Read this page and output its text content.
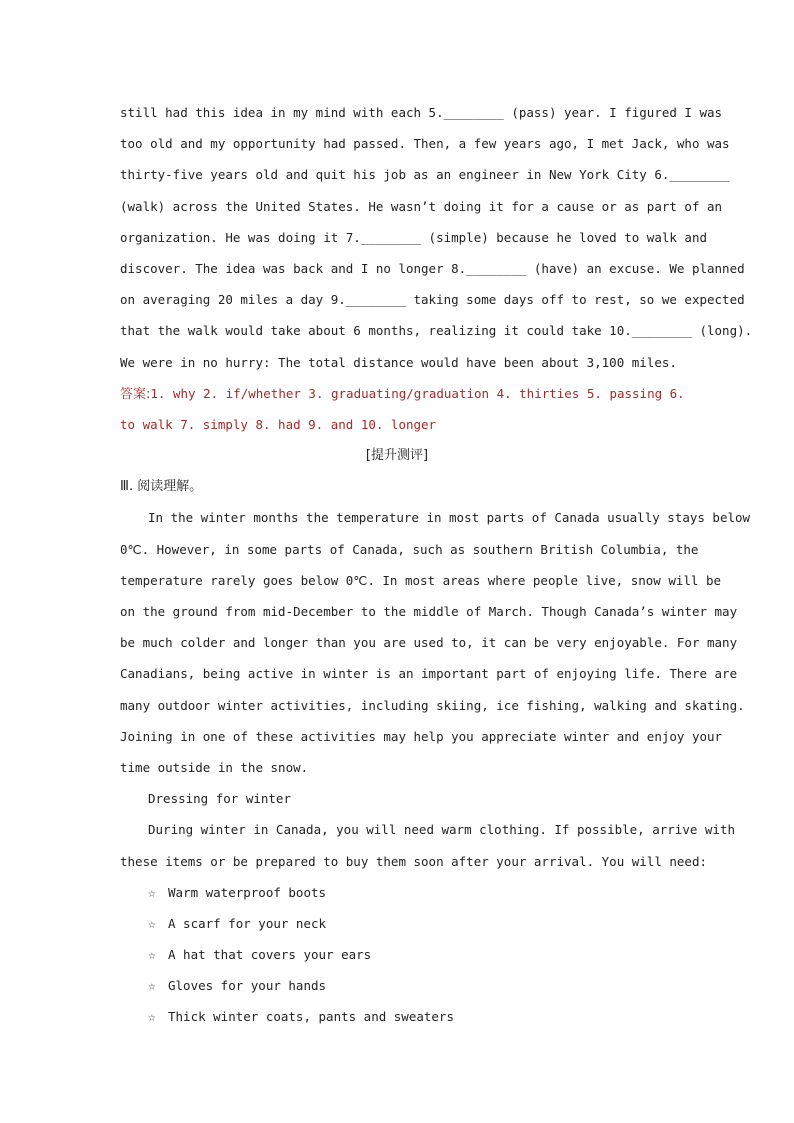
still had this idea in my mind with each 5.________ (pass) year. I figured I was
too old and my opportunity had passed. Then, a few years ago, I met Jack, who was
thirty-five years old and quit his job as an engineer in New York City 6.________
(walk) across the United States. He wasn’t doing it for a cause or as part of an
organization. He was doing it 7.________ (simple) because he loved to walk and
discover. The idea was back and I no longer 8.________ (have) an excuse. We planned
on averaging 20 miles a day 9.________ taking some days off to rest, so we expected
that the walk would take about 6 months, realizing it could take 10.________ (long).
We were in no hurry: The total distance would have been about 3,100 miles.
答案:1. why 2. if/whether 3. graduating/graduation 4. thirties 5. passing 6.
to walk 7. simply 8. had 9. and 10. longer
[提升测评]
Ⅲ. 阅读理解。
In the winter months the temperature in most parts of Canada usually stays below
0℃. However, in some parts of Canada, such as southern British Columbia, the
temperature rarely goes below 0℃. In most areas where people live, snow will be
on the ground from mid-December to the middle of March. Though Canada’s winter may
be much colder and longer than you are used to, it can be very enjoyable. For many
Canadians, being active in winter is an important part of enjoying life. There are
many outdoor winter activities, including skiing, ice fishing, walking and skating.
Joining in one of these activities may help you appreciate winter and enjoy your
time outside in the snow.
Dressing for winter
During winter in Canada, you will need warm clothing. If possible, arrive with
these items or be prepared to buy them soon after your arrival. You will need:
☆ Warm waterproof boots
☆ A scarf for your neck
☆ A hat that covers your ears
☆ Gloves for your hands
☆ Thick winter coats, pants and sweaters
